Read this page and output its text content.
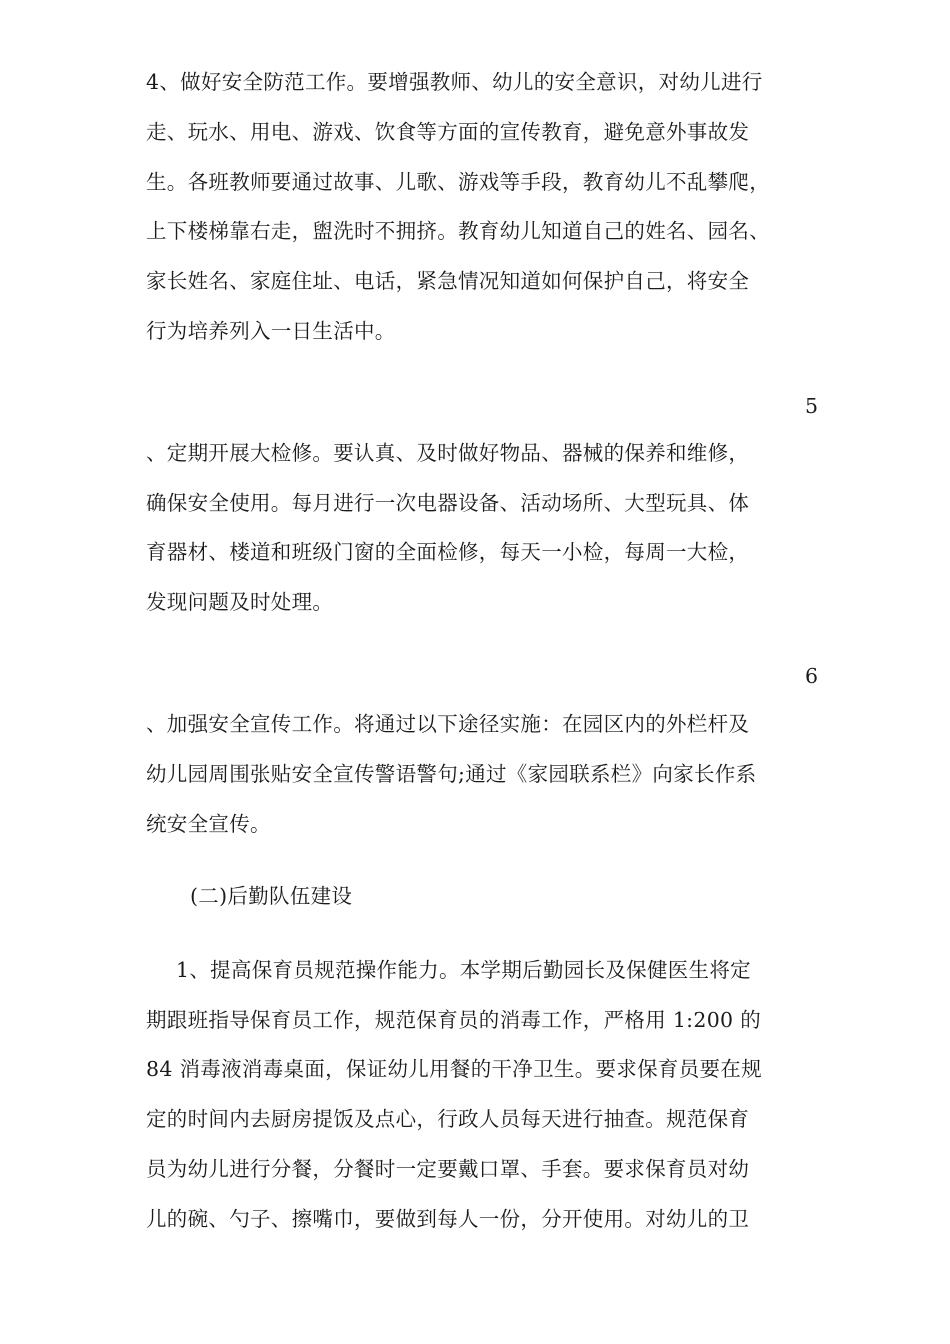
4、做好安全防范工作。要增强教师、幼儿的安全意识，对幼儿进行
走、玩水、用电、游戏、饮食等方面的宣传教育，避免意外事故发
生。各班教师要通过故事、儿歌、游戏等手段，教育幼儿不乱攀爬，
上下楼梯靠右走，盥洗时不拥挤。教育幼儿知道自己的姓名、园名、
家长姓名、家庭住址、电话，紧急情况知道如何保护自己，将安全
行为培养列入一日生活中。
5
、定期开展大检修。要认真、及时做好物品、器械的保养和维修，
确保安全使用。每月进行一次电器设备、活动场所、大型玩具、体
育器材、楼道和班级门窗的全面检修，每天一小检，每周一大检，
发现问题及时处理。
6
、加强安全宣传工作。将通过以下途径实施：在园区内的外栏杆及
幼儿园周围张贴安全宣传警语警句;通过《家园联系栏》向家长作系
统安全宣传。
(二)后勤队伍建设
1、提高保育员规范操作能力。本学期后勤园长及保健医生将定
期跟班指导保育员工作，规范保育员的消毒工作，严格用 1:200 的
84 消毒液消毒桌面，保证幼儿用餐的干净卫生。要求保育员要在规
定的时间内去厨房提饭及点心，行政人员每天进行抽查。规范保育
员为幼儿进行分餐，分餐时一定要戴口罩、手套。要求保育员对幼
儿的碗、勺子、擦嘴巾，要做到每人一份，分开使用。对幼儿的卫
